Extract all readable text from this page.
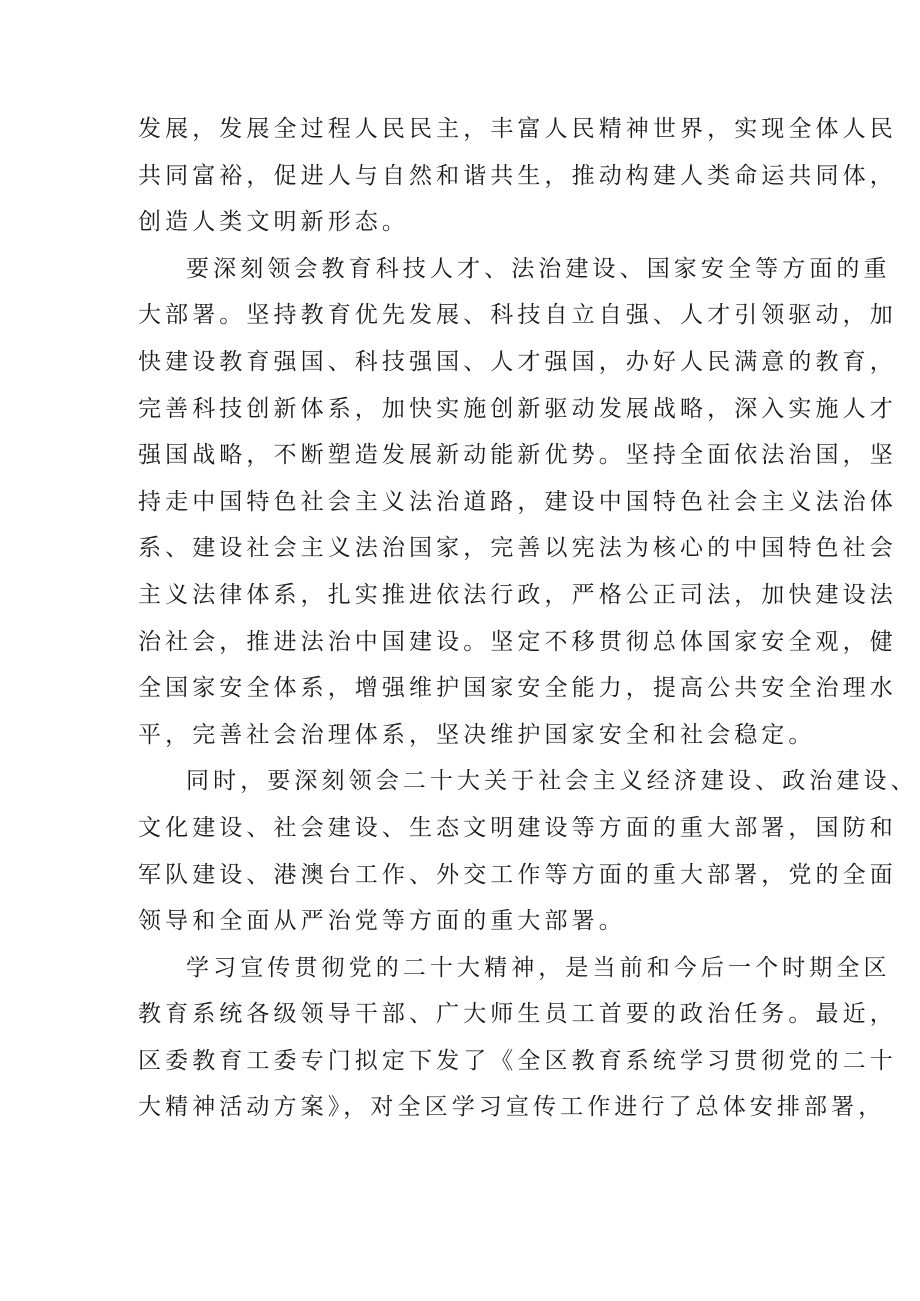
发展，发展全过程人民民主，丰富人民精神世界，实现全体人民
共同富裕，促进人与自然和谐共生，推动构建人类命运共同体，
创造人类文明新形态。
要深刻领会教育科技人才、法治建设、国家安全等方面的重
大部署。坚持教育优先发展、科技自立自强、人才引领驱动，加
快建设教育强国、科技强国、人才强国，办好人民满意的教育，
完善科技创新体系，加快实施创新驱动发展战略，深入实施人才
强国战略，不断塑造发展新动能新优势。坚持全面依法治国，坚
持走中国特色社会主义法治道路，建设中国特色社会主义法治体
系、建设社会主义法治国家，完善以宪法为核心的中国特色社会
主义法律体系，扎实推进依法行政，严格公正司法，加快建设法
治社会，推进法治中国建设。坚定不移贯彻总体国家安全观，健
全国家安全体系，增强维护国家安全能力，提高公共安全治理水
平，完善社会治理体系，坚决维护国家安全和社会稳定。
同时，要深刻领会二十大关于社会主义经济建设、政治建设、
文化建设、社会建设、生态文明建设等方面的重大部署，国防和
军队建设、港澳台工作、外交工作等方面的重大部署，党的全面
领导和全面从严治党等方面的重大部署。
学习宣传贯彻党的二十大精神，是当前和今后一个时期全区
教育系统各级领导干部、广大师生员工首要的政治任务。最近，
区委教育工委专门拟定下发了《全区教育系统学习贯彻党的二十
大精神活动方案》，对全区学习宣传工作进行了总体安排部署，
